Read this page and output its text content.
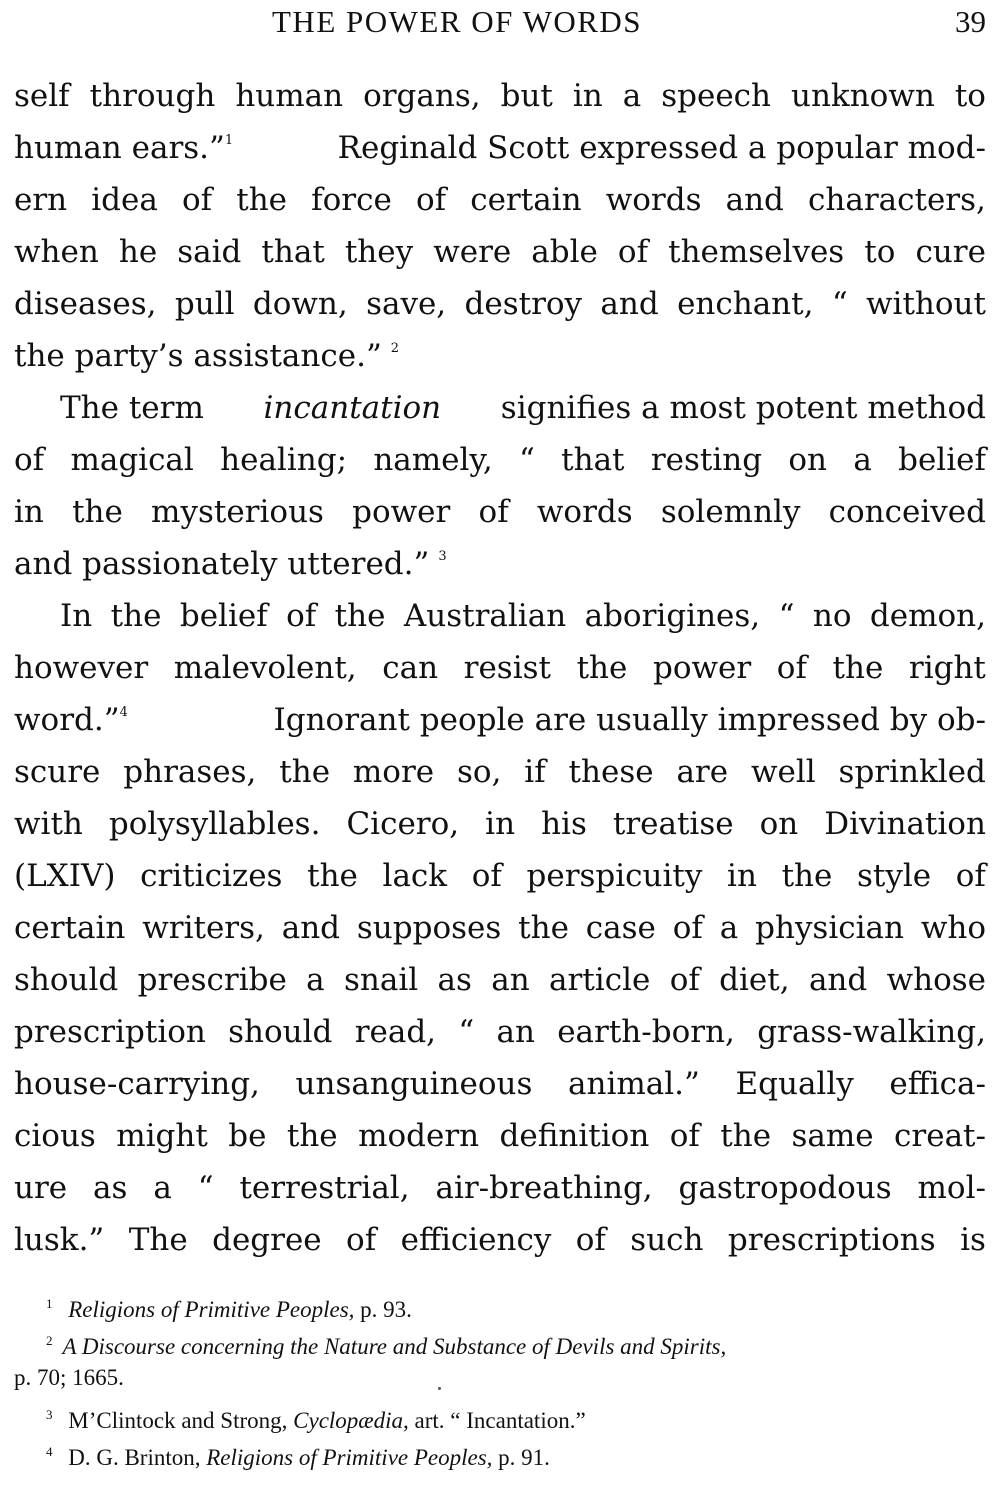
THE POWER OF WORDS	39
self through human organs, but in a speech unknown to
human ears.”$^1$	Reginald Scott expressed a popular mod-
ern idea of the force of certain words and characters,
when he said that they were able of themselves to cure
diseases, pull down, save, destroy and enchant, “ without
the party’s assistance.” $^2$
The term incantation signifies a most potent method
of magical healing; namely, “ that resting on a belief
in the mysterious power of words solemnly conceived
and passionately uttered.” $^3$
In the belief of the Australian aborigines, “ no demon,
however malevolent, can resist the power of the right
word.”$^4$	Ignorant people are usually impressed by ob-
scure phrases, the more so, if these are well sprinkled
with polysyllables. Cicero, in his treatise on Divination
(LXIV) criticizes the lack of perspicuity in the style of
certain writers, and supposes the case of a physician who
should prescribe a snail as an article of diet, and whose
prescription should read, “ an earth-born, grass-walking,
house-carrying, unsanguineous animal.” Equally effica-
cious might be the modern definition of the same creat-
ure as a “ terrestrial, air-breathing, gastropodous mol-
lusk.” The degree of efficiency of such prescriptions is
$^1$ Religions of Primitive Peoples, p. 93.
$^2$ A Discourse concerning the Nature and Substance of Devils and Spirits,
p. 70; 1665.
$^3$ M’Clintock and Strong, Cyclopædia, art. “ Incantation.”
$^4$ D. G. Brinton, Religions of Primitive Peoples, p. 91.
